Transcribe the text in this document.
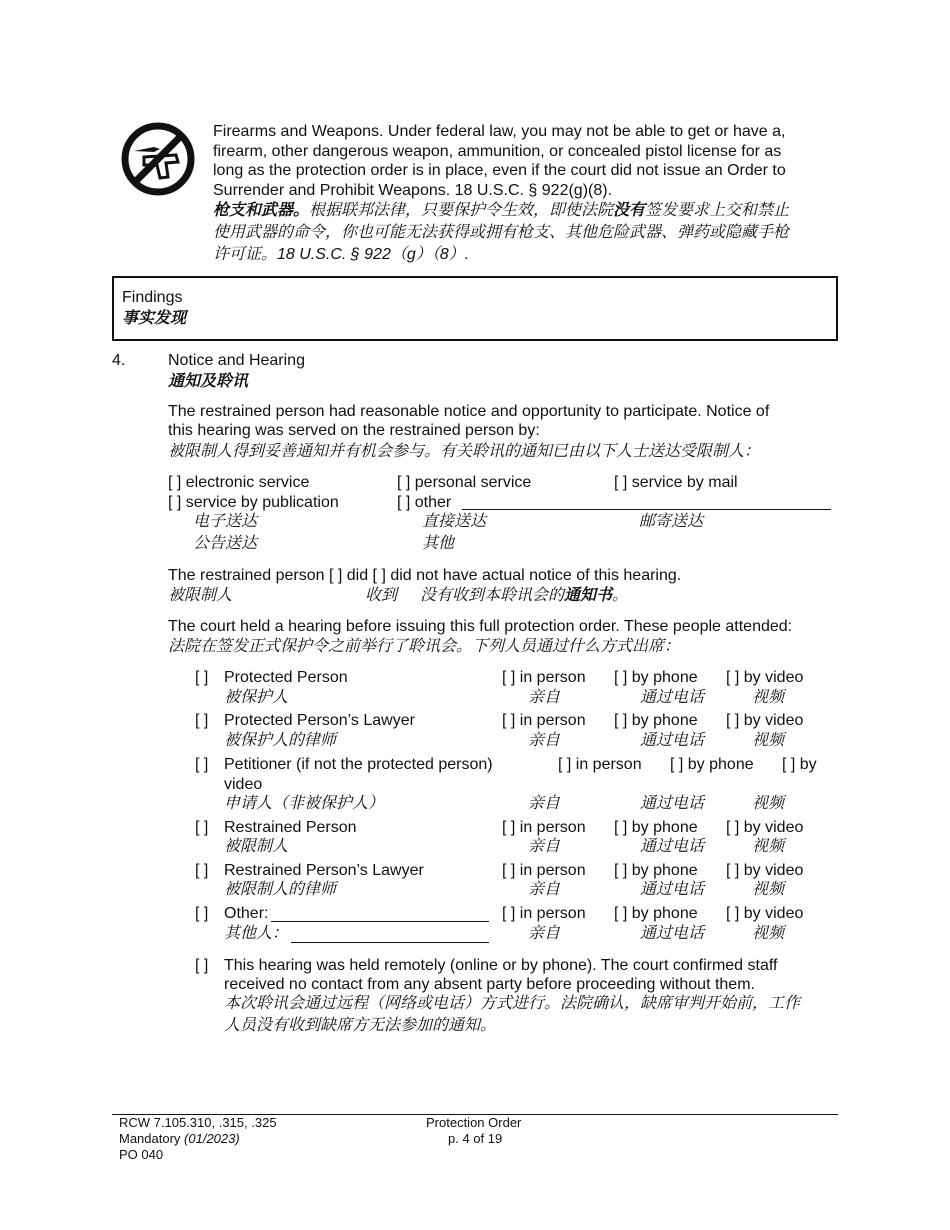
Firearms and Weapons. Under federal law, you may not be able to get or have a,

firearm, other dangerous weapon, ammunition, or concealed pistol license for as

long as the protection order is in place, even if the court did not issue an Order to

Surrender and Prohibit Weapons. 18 U.S.C. § 922(g)(8).

枪支和武器。根据联邦法律，只要保护令生效，即使法院没有签发要求上交和禁止
使用武器的命令，你也可能无法获得或拥有枪支、其他危险武器、弹药或隐藏手枪
许可证。18 U.S.C. § 922（g）（8）.
Findings
事实发现
4.	Notice and Hearing
通知及聆讯
The restrained person had reasonable notice and opportunity to participate. Notice of
this hearing was served on the restrained person by:
被限制人得到妥善通知并有机会参与。有关聆讯的通知已由以下人士送达受限制人：
[ ] electronic service	[ ] personal service	[ ] service by mail
[ ] service by publication	[ ] other
电子送达	直接送达	邮寄送达
公告送达	其他
The restrained person [ ] did [ ] did not have actual notice of this hearing.
被限制人	收到 没有收到本聆讯会的通知书。
The court held a hearing before issuing this full protection order. These people attended:
法院在签发正式保护令之前举行了聆讯会。下列人员通过什么方式出席：
[ ] Protected Person	[ ] in person [ ] by phone [ ] by video
被保护人	亲自	通过电话	视频
[ ] Protected Person’s Lawyer	[ ] in person [ ] by phone [ ] by video
被保护人的律师	亲自	通过电话	视频
[ ] Petitioner (if not the protected person)	[ ] in person [ ] by phone [ ] by
video
申请人（非被保护人）	亲自	通过电话	视频
[ ] Restrained Person	[ ] in person [ ] by phone [ ] by video
被限制人	亲自	通过电话	视频
[ ] Restrained Person’s Lawyer	[ ] in person [ ] by phone [ ] by video
被限制人的律师	亲自	通过电话	视频
[ ] Other:	[ ] in person [ ] by phone [ ] by video
其他人：	亲自	通过电话	视频
[ ] This hearing was held remotely (online or by phone). The court confirmed staff
received no contact from any absent party before proceeding without them.
本次聆讯会通过远程（网络或电话）方式进行。法院确认，缺席审判开始前，工作
人员没有收到缺席方无法参加的通知。
RCW 7.105.310, .315, .325
Mandatory (01/2023)
PO 040
Protection Order
p. 4 of 19
